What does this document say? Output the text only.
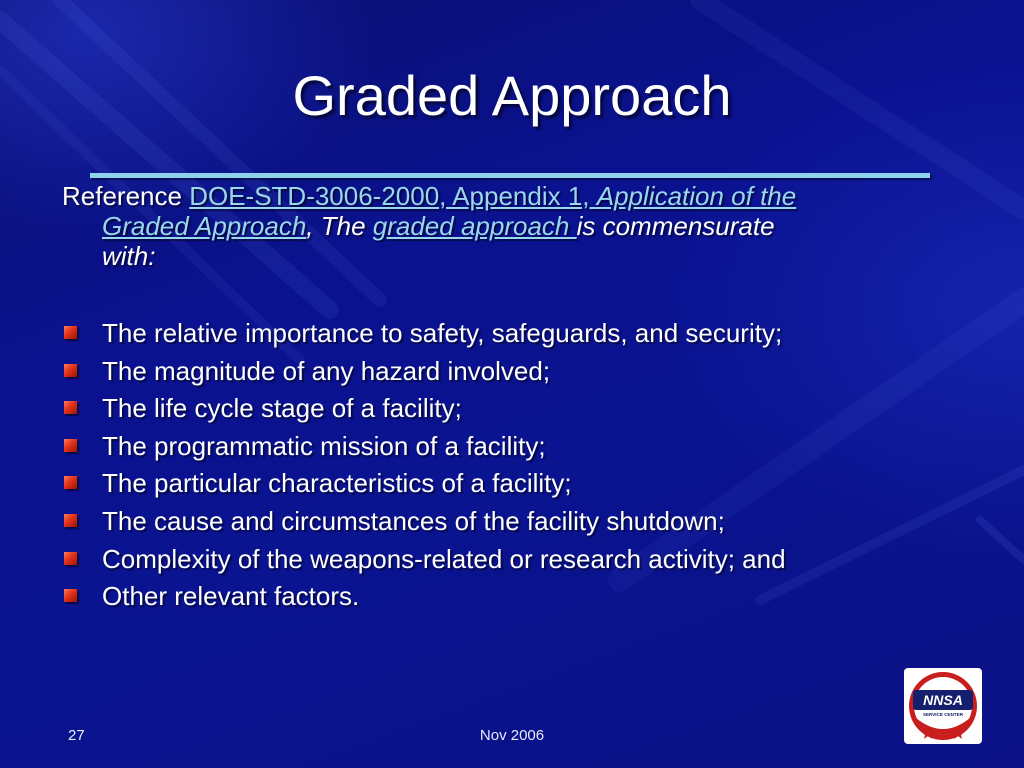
Graded Approach
Reference DOE-STD-3006-2000, Appendix 1, Application of the
Graded Approach, The graded approach is commensurate
with:
The relative importance to safety, safeguards, and security;
The magnitude of any hazard involved;
The life cycle stage of a facility;
The programmatic mission of a facility;
The particular characteristics of a facility;
The cause and circumstances of the facility shutdown;
Complexity of the weapons-related or research activity; and
Other relevant factors.
27	Nov 2006
NNSA
SERVICE CENTER
